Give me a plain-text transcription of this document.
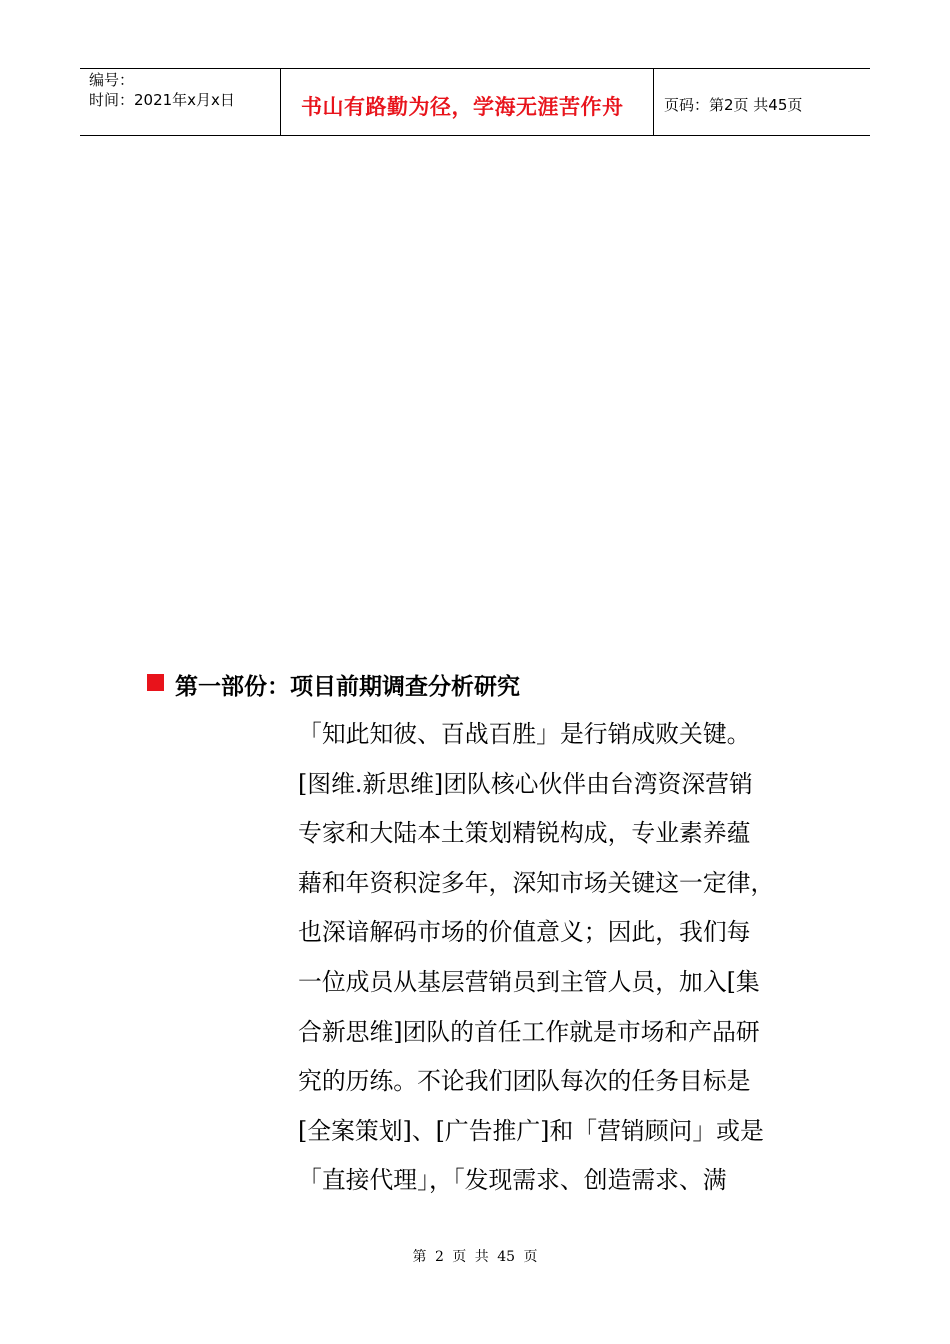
编号：
时间：2021年x月x日	书山有路勤为径，学海无涯苦作舟	页码：第2页 共45页
第一部份：项目前期调查分析研究
「知此知彼、百战百胜」是行销成败关键。
[图维.新思维]团队核心伙伴由台湾资深营销
专家和大陆本土策划精锐构成，专业素养蕴
藉和年资积淀多年，深知市场关键这一定律，
也深谙解码市场的价值意义；因此，我们每
一位成员从基层营销员到主管人员，加入[集
合新思维]团队的首任工作就是市场和产品研
究的历练。不论我们团队每次的任务目标是
[全案策划]、[广告推广]和「营销顾问」或是
「直接代理」，「发现需求、创造需求、满
第 2 页 共 45 页
